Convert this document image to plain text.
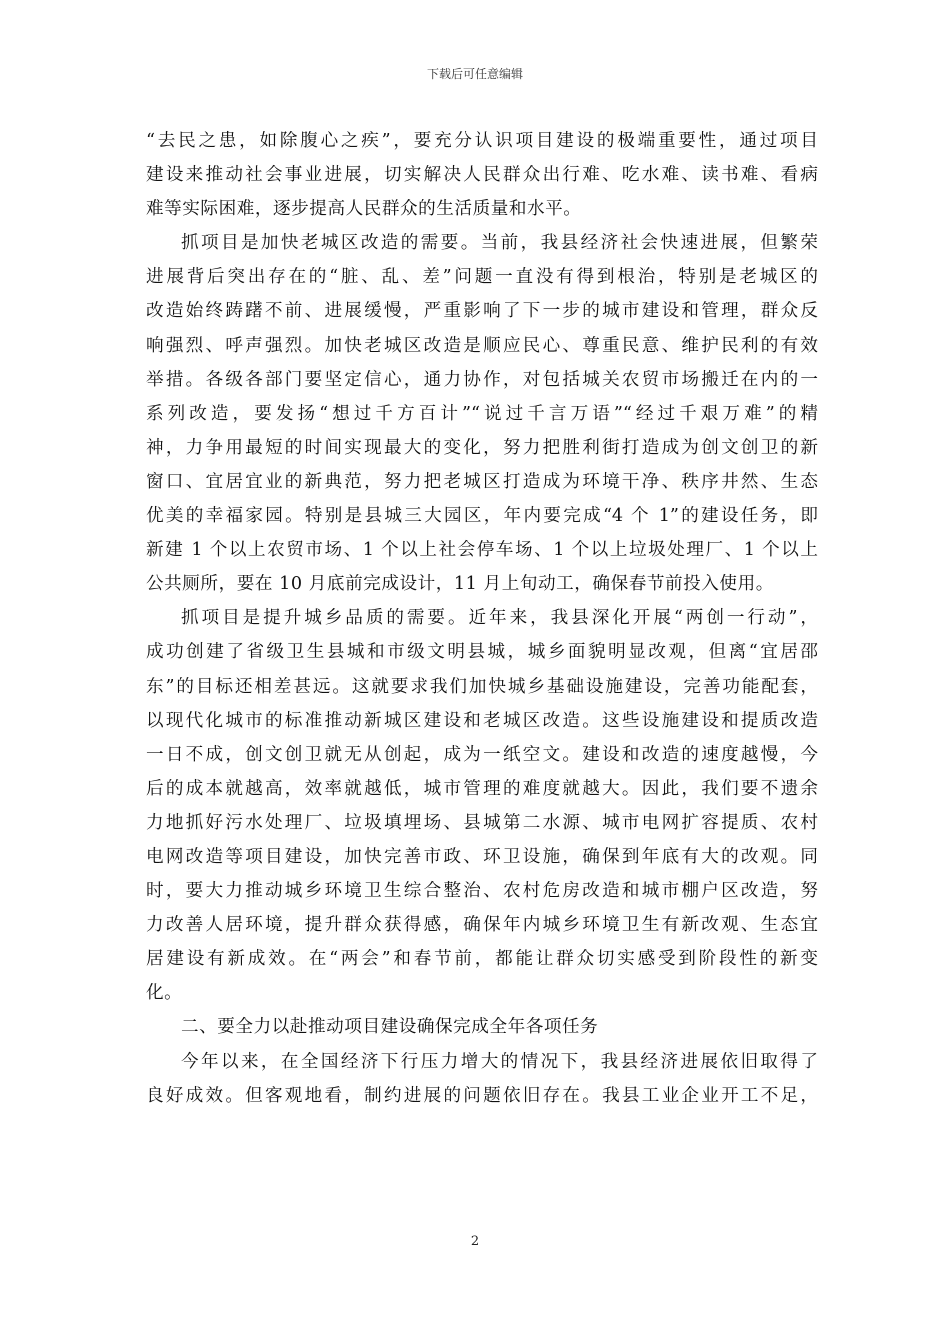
下载后可任意编辑
“去民之患，如除腹心之疾”，要充分认识项目建设的极端重要性，通过项目
建设来推动社会事业进展，切实解决人民群众出行难、吃水难、读书难、看病
难等实际困难，逐步提高人民群众的生活质量和水平。
抓项目是加快老城区改造的需要。当前，我县经济社会快速进展，但繁荣
进展背后突出存在的“脏、乱、差”问题一直没有得到根治，特别是老城区的
改造始终踌躇不前、进展缓慢，严重影响了下一步的城市建设和管理，群众反
响强烈、呼声强烈。加快老城区改造是顺应民心、尊重民意、维护民利的有效
举措。各级各部门要坚定信心，通力协作，对包括城关农贸市场搬迁在内的一
系列改造，要发扬“想过千方百计”“说过千言万语”“经过千艰万难”的精
神，力争用最短的时间实现最大的变化，努力把胜利街打造成为创文创卫的新
窗口、宜居宜业的新典范，努力把老城区打造成为环境干净、秩序井然、生态
优美的幸福家园。特别是县城三大园区，年内要完成“4 个 1”的建设任务，即
新建 1 个以上农贸市场、1 个以上社会停车场、1 个以上垃圾处理厂、1 个以上
公共厕所，要在 10 月底前完成设计，11 月上旬动工，确保春节前投入使用。
抓项目是提升城乡品质的需要。近年来，我县深化开展“两创一行动”，
成功创建了省级卫生县城和市级文明县城，城乡面貌明显改观，但离“宜居邵
东”的目标还相差甚远。这就要求我们加快城乡基础设施建设，完善功能配套，
以现代化城市的标准推动新城区建设和老城区改造。这些设施建设和提质改造
一日不成，创文创卫就无从创起，成为一纸空文。建设和改造的速度越慢，今
后的成本就越高，效率就越低，城市管理的难度就越大。因此，我们要不遗余
力地抓好污水处理厂、垃圾填埋场、县城第二水源、城市电网扩容提质、农村
电网改造等项目建设，加快完善市政、环卫设施，确保到年底有大的改观。同
时，要大力推动城乡环境卫生综合整治、农村危房改造和城市棚户区改造，努
力改善人居环境，提升群众获得感，确保年内城乡环境卫生有新改观、生态宜
居建设有新成效。在“两会”和春节前，都能让群众切实感受到阶段性的新变
化。
二、要全力以赴推动项目建设确保完成全年各项任务
今年以来，在全国经济下行压力增大的情况下，我县经济进展依旧取得了
良好成效。但客观地看，制约进展的问题依旧存在。我县工业企业开工不足，
2
